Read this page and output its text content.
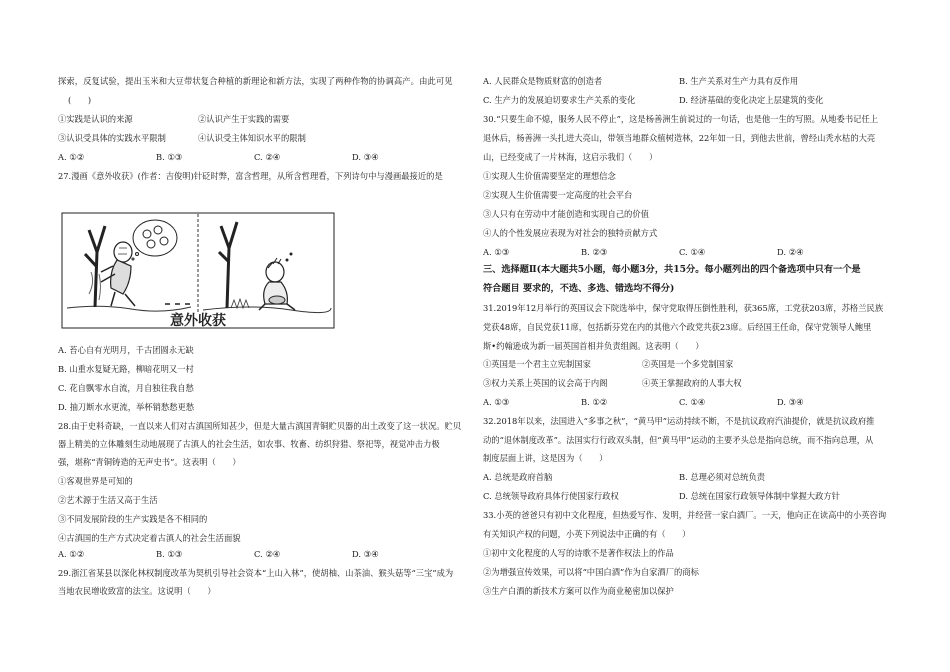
探索，反复试验，提出玉米和大豆带状复合种植的新理论和新方法，实现了两种作物的协调高产。由此可见
(　　)
①实践是认识的来源	②认识产生于实践的需要
③认识受具体的实践水平限制	④认识受主体知识水平的限制
A. ①②	B. ①③	C. ②④	D. ③④
27.漫画《意外收获》(作者：吉俊明)针砭时弊，富含哲理，从所含哲理看，下列诗句中与漫画最接近的是
意外收获
A. 苔心自有光明月，千古团圆永无缺
B. 山重水复疑无路，柳暗花明又一村
C. 花自飘零水自流，月自独往我自愁
D. 抽刀断水水更流，举杯销愁愁更愁
28.由于史料奇缺，一直以来人们对古滇国所知甚少，但是大量古滇国青铜贮贝器的出土改变了这一状况。贮贝
器上精美的立体雕刻生动地展现了古滇人的社会生活，如农事、牧畜、纺织狩猎、祭祀等，视觉冲击力极
强，堪称“青铜铸造的无声史书”。这表明（　　）
①客观世界是可知的
②艺术源于生活又高于生活
③不同发展阶段的生产实践是各不相同的
④古滇国的生产方式决定着古滇人的社会生活面貌
A. ①②	B. ①③	C. ②④	D. ③④
29.浙江省某县以深化林权制度改革为契机引导社会资本“上山入林”，使胡柚、山茶油、猴头菇等“三宝”成为
当地农民增收致富的法宝。这说明（　　）
A. 人民群众是物质财富的创造者	B. 生产关系对生产力具有反作用
C. 生产力的发展迫切要求生产关系的变化	D. 经济基础的变化决定上层建筑的变化
30.“只要生命不熄，服务人民不停止”，这是杨善洲生前说过的一句话，也是他一生的写照。从地委书记任上
退休后，杨善洲一头扎进大亮山，带领当地群众植树造林，22年如一日，到他去世前，曾经山秃水枯的大亮
山，已经变成了一片林海，这启示我们（　　）
①实现人生价值需要坚定的理想信念
②实现人生价值需要一定高度的社会平台
③人只有在劳动中才能创造和实现自己的价值
④人的个性发展应表现为对社会的独特贡献方式
A. ①③	B. ②③	C. ①④	D. ②④
三、选择题Ⅱ(本大题共5小题，每小题3分，共15分。每小题列出的四个备选项中只有一个是
符合题目 要求的，不选、多选、错选均不得分)
31.2019年12月举行的英国议会下院选举中，保守党取得压倒性胜利，获365席，工党获203席，苏格兰民族
党获48席，自民党获11席，包括新芬党在内的其他六个政党共获23席。后经国王任命，保守党领导人鲍里
斯•约翰逊成为新一届英国首相并负责组阁。这表明（　　）
①英国是一个君主立宪制国家	②英国是一个多党制国家
③权力关系上英国的议会高于内阁	④英王掌握政府的人事大权
A. ①③	B. ①②	C. ①④	D. ③④
32.2018年以来，法国进入“多事之秋”，“黄马甲”运动持续不断，不是抗议政府汽油提价，就是抗议政府推
动的“退休制度改革”。法国实行行政双头制，但“黄马甲”运动的主要矛头总是指向总统，而不指向总理，从
制度层面上讲，这是因为（　　）
A. 总统是政府首脑	B. 总理必须对总统负责
C. 总统领导政府具体行使国家行政权	D. 总统在国家行政领导体制中掌握大政方针
33.小英的爸爸只有初中文化程度，但热爱写作、发明，并经营一家白酒厂。一天，他向正在读高中的小英咨询
有关知识产权的问题，小英下列说法中正确的有（　　）
①初中文化程度的人写的诗歌不是著作权法上的作品
②为增强宣传效果，可以将“中国白酒”作为自家酒厂的商标
③生产白酒的新技术方案可以作为商业秘密加以保护
